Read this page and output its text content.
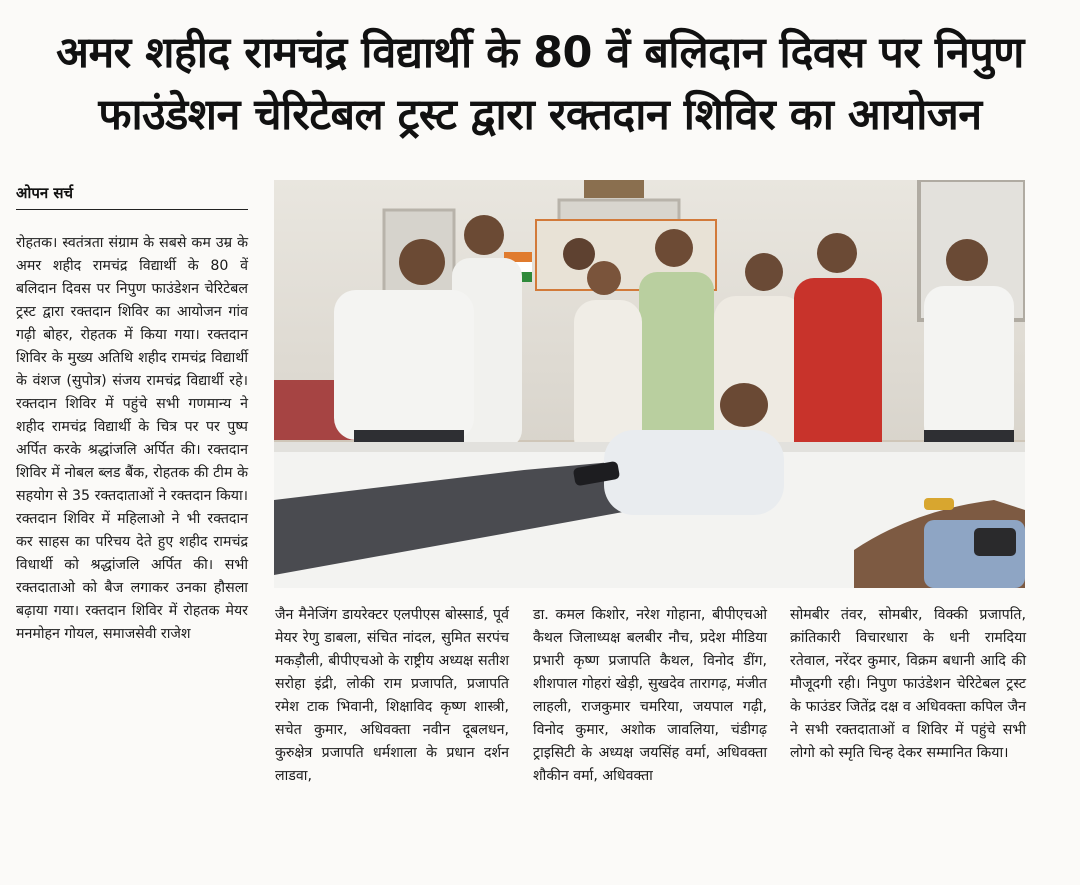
अमर शहीद रामचंद्र विद्यार्थी के 80 वें बलिदान दिवस पर निपुण
फाउंडेशन चेरिटेबल ट्रस्ट द्वारा रक्तदान शिविर का आयोजन
ओपन सर्च

रोहतक। स्वतंत्रता संग्राम के सबसे कम उम्र के अमर शहीद रामचंद्र विद्यार्थी के 80 वें बलिदान दिवस पर निपुण फाउंडेशन चेरिटेबल ट्रस्ट द्वारा रक्तदान शिविर का आयोजन गांव गढ़ी बोहर, रोहतक में किया गया। रक्तदान शिविर के मुख्य अतिथि शहीद रामचंद्र विद्यार्थी के वंशज (सुपोत्र) संजय रामचंद्र विद्यार्थी रहे। रक्तदान शिविर में पहुंचे सभी गणमान्य ने शहीद रामचंद्र विद्यार्थी के चित्र पर पर पुष्प अर्पित करके श्रद्धांजलि अर्पित की। रक्तदान शिविर में नोबल ब्लड बैंक, रोहतक की टीम के सहयोग से 35 रक्तदाताओं ने रक्तदान किया। रक्तदान शिविर में महिलाओ ने भी रक्तदान कर साहस का परिचय देते हुए शहीद रामचंद्र विधार्थी को श्रद्धांजलि अर्पित की। सभी रक्तदाताओ को बैज लगाकर उनका हौसला बढ़ाया गया। रक्तदान शिविर में रोहतक मेयर मनमोहन गोयल, समाजसेवी राजेश

जैन मैनेजिंग डायरेक्टर एलपीएस बोस्सार्ड, पूर्व मेयर रेणु डाबला, संचित नांदल, सुमित सरपंच मकड़ौली, बीपीएचओ के राष्ट्रीय अध्यक्ष सतीश सरोहा इंद्री, लोकी राम प्रजापति, प्रजापति रमेश टाक भिवानी, शिक्षाविद कृष्ण शास्त्री, सचेत कुमार, अधिवक्ता नवीन दूबलधन, कुरुक्षेत्र प्रजापति धर्मशाला के प्रधान दर्शन लाडवा,

डा. कमल किशोर, नरेश गोहाना, बीपीएचओ कैथल जिलाध्यक्ष बलबीर नौच, प्रदेश मीडिया प्रभारी कृष्ण प्रजापति कैथल, विनोद डींग, शीशपाल गोहरां खेड़ी, सुखदेव तारागढ़, मंजीत लाहली, राजकुमार चमरिया, जयपाल गढ़ी, विनोद कुमार, अशोक जावलिया, चंडीगढ़ ट्राइसिटी के अध्यक्ष जयसिंह वर्मा, अधिवक्ता शौकीन वर्मा, अधिवक्ता

सोमबीर तंवर, सोमबीर, विक्की प्रजापति, क्रांतिकारी विचारधारा के धनी रामदिया रतेवाल, नरेंदर कुमार, विक्रम बधानी आदि की मौजूदगी रही। निपुण फाउंडेशन चेरिटेबल ट्रस्ट के फाउंडर जितेंद्र दक्ष व अधिवक्ता कपिल जैन ने सभी रक्तदाताओं व शिविर में पहुंचे सभी लोगो को स्मृति चिन्ह देकर सम्मानित किया।
